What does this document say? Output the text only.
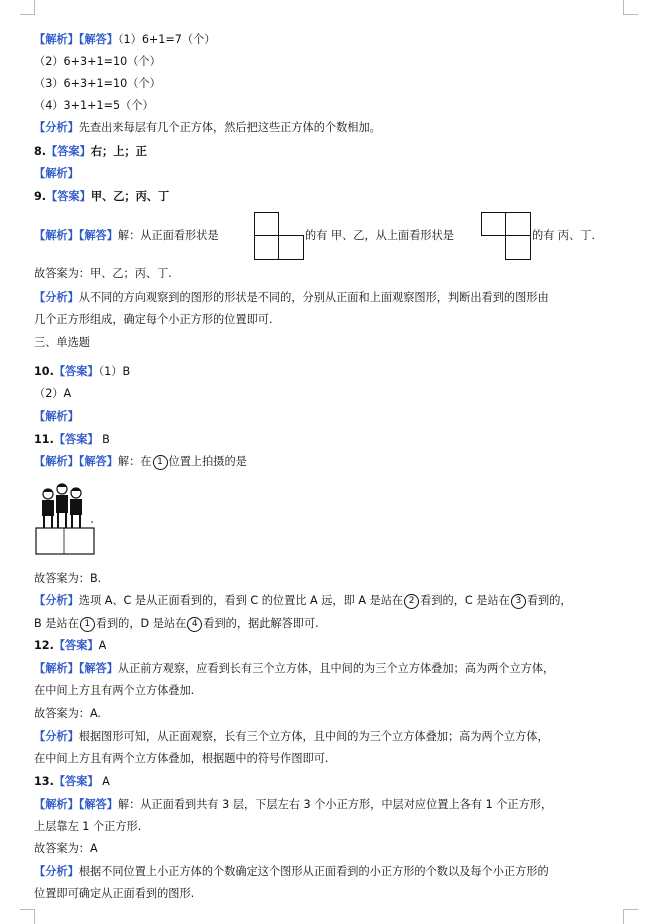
【解析】【解答】（1）6+1=7（个）
（2）6+3+1=10（个）
（3）6+3+1=10（个）
（4）3+1+1=5（个）
【分析】先查出来每层有几个正方体，然后把这些正方体的个数相加。
8.【答案】右；上；正
【解析】
9.【答案】甲、乙；丙、丁
【解析】【解答】解：从正面看形状是	的有 甲、乙，从上面看形状是	的有 丙、丁.
故答案为：甲、乙；丙、丁.
【分析】从不同的方向观察到的图形的形状是不同的，分别从正面和上面观察图形，判断出看到的图形由
几个正方形组成，确定每个小正方形的位置即可.
三、单选题
10.【答案】（1）B
（2）A
【解析】
11.【答案】 B
【解析】【解答】解：在 1 位置上拍摄的是
故答案为：B.
【分析】选项 A、C 是从正面看到的，看到 C 的位置比 A 远，即 A 是站在 2 看到的，C 是站在 3 看到的，
B 是站在 1 看到的，D 是站在 4 看到的，据此解答即可.
12.【答案】A
【解析】【解答】从正前方观察，应看到长有三个立方体，且中间的为三个立方体叠加；高为两个立方体，
在中间上方且有两个立方体叠加.
故答案为：A.
【分析】根据图形可知，从正面观察，长有三个立方体，且中间的为三个立方体叠加；高为两个立方体，
在中间上方且有两个立方体叠加，根据题中的符号作图即可.
13.【答案】 A
【解析】【解答】解：从正面看到共有 3 层，下层左右 3 个小正方形，中层对应位置上各有 1 个正方形，
上层靠左 1 个正方形.
故答案为：A
【分析】根据不同位置上小正方体的个数确定这个图形从正面看到的小正方形的个数以及每个小正方形的
位置即可确定从正面看到的图形.
